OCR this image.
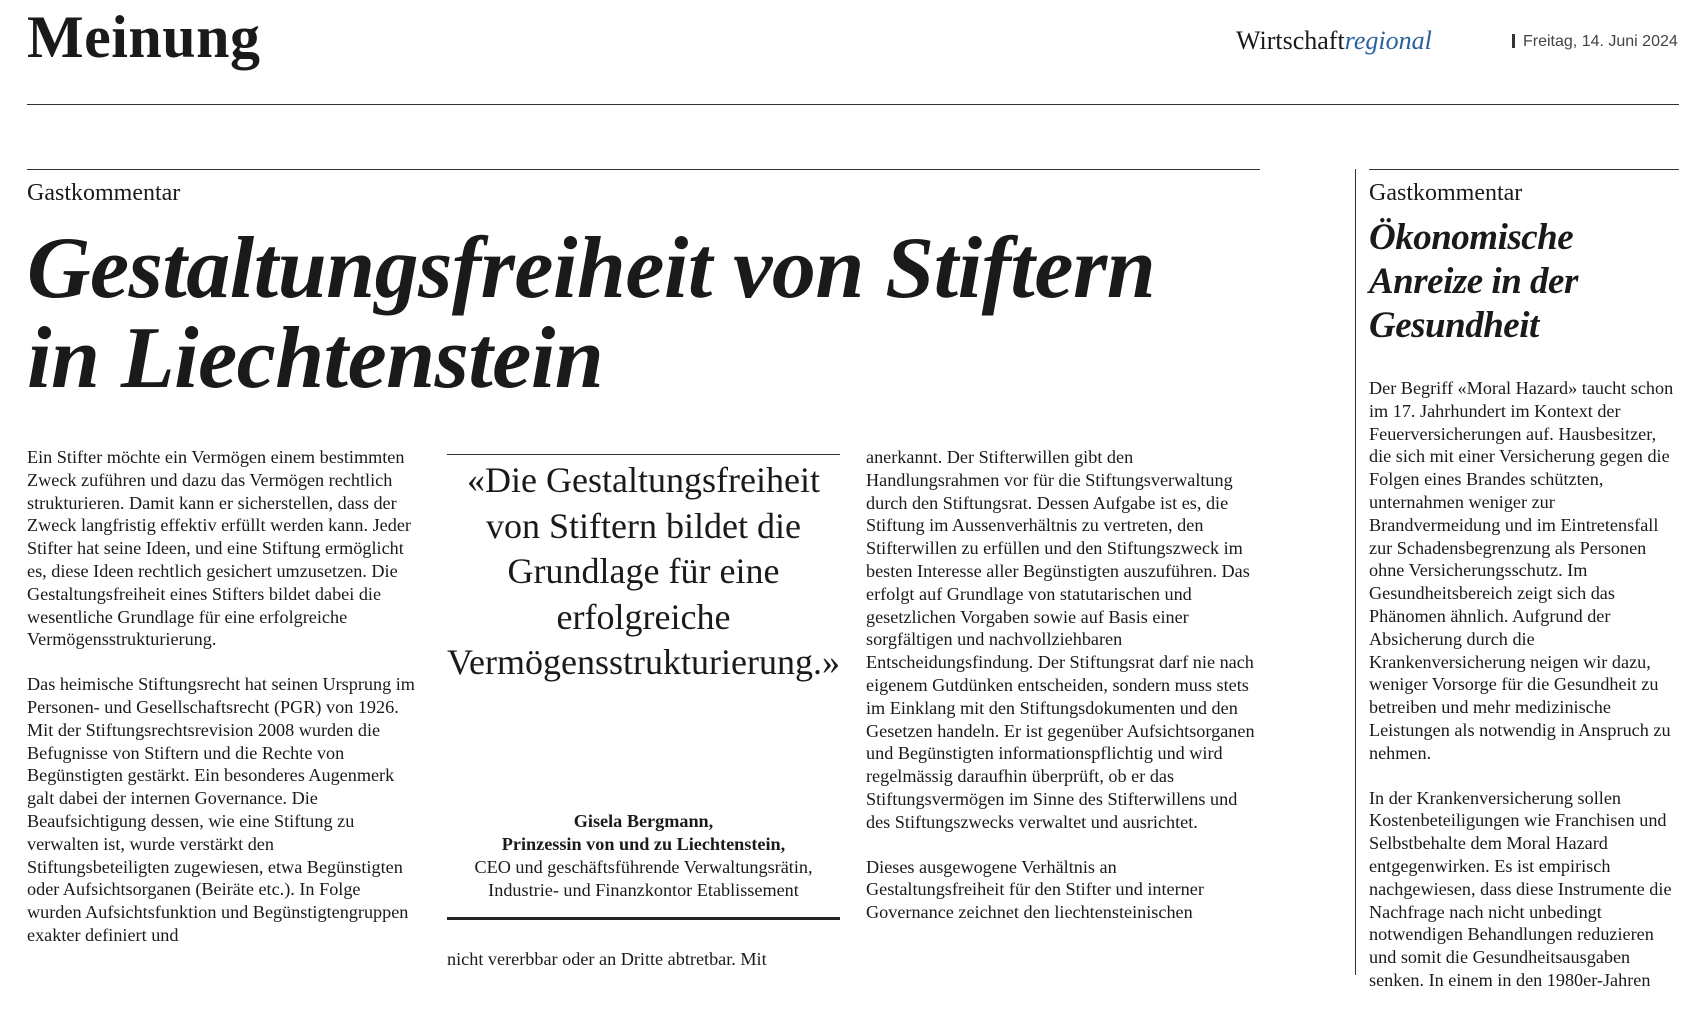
Meinung	Wirtschaftregional	Freitag, 14. Juni 2024
Gastkommentar
Gestaltungsfreiheit von Stiftern
in Liechtenstein

Ein Stifter möchte ein Vermögen einem bestimmten Zweck zuführen und dazu das Vermögen rechtlich strukturieren. Damit kann er sicherstellen, dass der Zweck langfristig effektiv erfüllt werden kann. Jeder Stifter hat seine Ideen, und eine Stiftung ermöglicht es, diese Ideen rechtlich gesichert umzusetzen. Die Gestaltungsfreiheit eines Stifters bildet dabei die wesentliche Grundlage für eine erfolgreiche Vermögensstrukturierung.

Das heimische Stiftungsrecht hat seinen Ursprung im Personen- und Gesellschaftsrecht (PGR) von 1926. Mit der Stiftungsrechtsrevision 2008 wurden die Befugnisse von Stiftern und die Rechte von Begünstigten gestärkt. Ein besonderes Augenmerk galt dabei der internen Governance. Die Beaufsichtigung dessen, wie eine Stiftung zu verwalten ist, wurde verstärkt den Stiftungsbeteiligten zugewiesen, etwa Begünstigten oder Aufsichtsorganen (Beiräte etc.). In Folge wurden Aufsichtsfunktion und Begünstigtengruppen exakter definiert und

«Die Gestaltungsfreiheit von Stiftern bildet die Grundlage für eine erfolgreiche Vermögensstrukturierung.»
Gisela Bergmann,
Prinzessin von und zu Liechtenstein,
CEO und geschäftsführende Verwaltungsrätin,
Industrie- und Finanzkontor Etablissement
nicht vererbbar oder an Dritte abtretbar. Mit

anerkannt. Der Stifterwillen gibt den Handlungsrahmen vor für die Stiftungsverwaltung durch den Stiftungsrat. Dessen Aufgabe ist es, die Stiftung im Aussenverhältnis zu vertreten, den Stifterwillen zu erfüllen und den Stiftungszweck im besten Interesse aller Begünstigten auszuführen. Das erfolgt auf Grundlage von statutarischen und gesetzlichen Vorgaben sowie auf Basis einer sorgfältigen und nachvollziehbaren Entscheidungsfindung. Der Stiftungsrat darf nie nach eigenem Gutdünken entscheiden, sondern muss stets im Einklang mit den Stiftungsdokumenten und den Gesetzen handeln. Er ist gegenüber Aufsichtsorganen und Begünstigten informationspflichtig und wird regelmässig daraufhin überprüft, ob er das Stiftungsvermögen im Sinne des Stifterwillens und des Stiftungszwecks verwaltet und ausrichtet.

Dieses ausgewogene Verhältnis an Gestaltungsfreiheit für den Stifter und interner Governance zeichnet den liechtensteinischen

Gastkommentar
Ökonomische Anreize in der Gesundheit

Der Begriff «Moral Hazard» taucht schon im 17. Jahrhundert im Kontext der Feuerversicherungen auf. Hausbesitzer, die sich mit einer Versicherung gegen die Folgen eines Brandes schützten, unternahmen weniger zur Brandvermeidung und im Eintretensfall zur Schadensbegrenzung als Personen ohne Versicherungsschutz. Im Gesundheitsbereich zeigt sich das Phänomen ähnlich. Aufgrund der Absicherung durch die Krankenversicherung neigen wir dazu, weniger Vorsorge für die Gesundheit zu betreiben und mehr medizinische Leistungen als notwendig in Anspruch zu nehmen.

In der Krankenversicherung sollen Kostenbeteiligungen wie Franchisen und Selbstbehalte dem Moral Hazard entgegenwirken. Es ist empirisch nachgewiesen, dass diese Instrumente die Nachfrage nach nicht unbedingt notwendigen Behandlungen reduzieren und somit die Gesundheitsausgaben senken. In einem in den 1980er-Jahren
